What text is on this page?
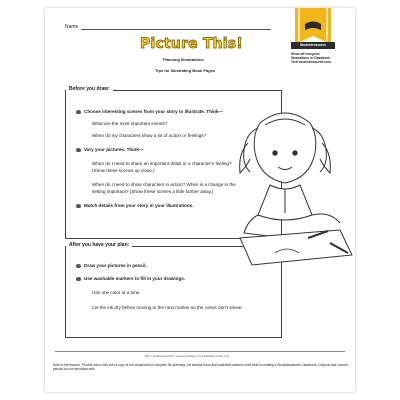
Name
Picture This!
Planning Illustrations
Tips for Illustrating Book Pages
Studentreasures
Show off everyone.
Illustrations in Classbook.
Visit studentreasures.com.
Before you draw:
Choose interesting scenes from your story to illustrate. Think—
What are the most important events?
When do my characters show a lot of action or feelings?
Vary your pictures. Think—
When do I need to share an important detail or a character's feeling?
(Show these scenes up close.)
When do I need to show characters in action? When is a change in the
setting important? (Show these scenes a little farther away.)
Match details from your story in your illustrations.
After you have your plan:
Draw your pictures in pencil.
Use washable markers to fill in your drawings.
Use one color at a time.
Let the ink dry before moving to the next marker so the colors don't smear.
Ban v. Studentreasures® | a Lesson design by The Educator Center, LLC
Note to the teacher: Provide each child with a copy of the storyboard to complete his planning. Let student know that washable markers work best in creating a Studentreasures Classbook. Crayons and colored pencils do not reproduce well.
